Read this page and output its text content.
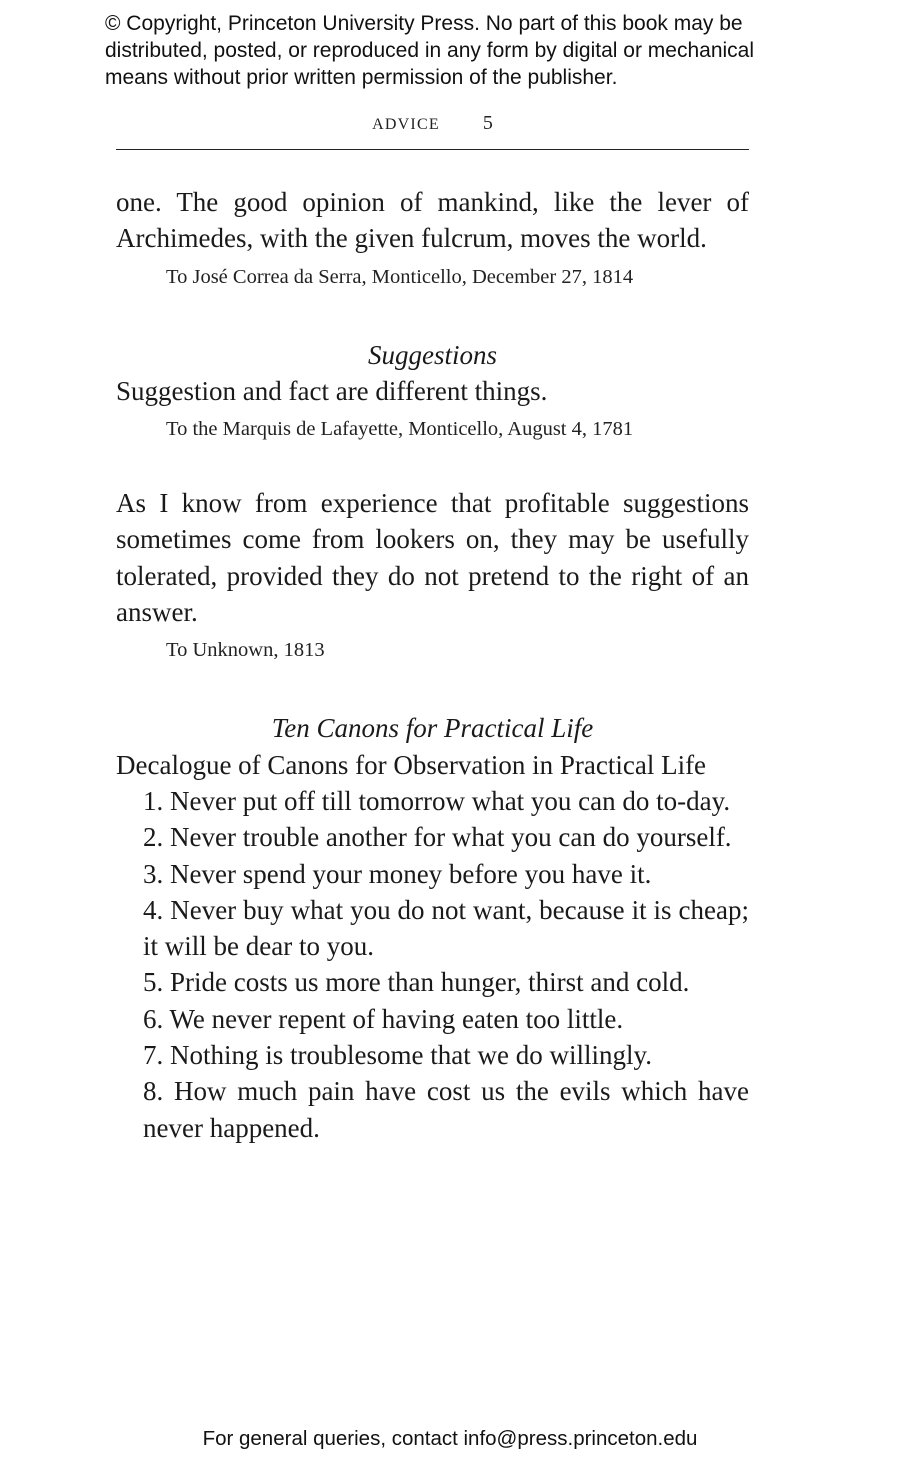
© Copyright, Princeton University Press. No part of this book may be
distributed, posted, or reproduced in any form by digital or mechanical
means without prior written permission of the publisher.
ADVICE 5

one. The good opinion of mankind, like the lever of Archimedes, with the given fulcrum, moves the world.

To José Correa da Serra, Monticello, December 27, 1814

Suggestions

Suggestion and fact are different things.

To the Marquis de Lafayette, Monticello, August 4, 1781

As I know from experience that profitable suggestions sometimes come from lookers on, they may be usefully tolerated, provided they do not pretend to the right of an answer.

To Unknown, 1813

Ten Canons for Practical Life

Decalogue of Canons for Observation in Practical Life

1. Never put off till tomorrow what you can do to-day.
2. Never trouble another for what you can do yourself.
3. Never spend your money before you have it.
4. Never buy what you do not want, because it is cheap; it will be dear to you.
5. Pride costs us more than hunger, thirst and cold.
6. We never repent of having eaten too little.
7. Nothing is troublesome that we do willingly.
8. How much pain have cost us the evils which have never happened.
For general queries, contact info@press.princeton.edu
